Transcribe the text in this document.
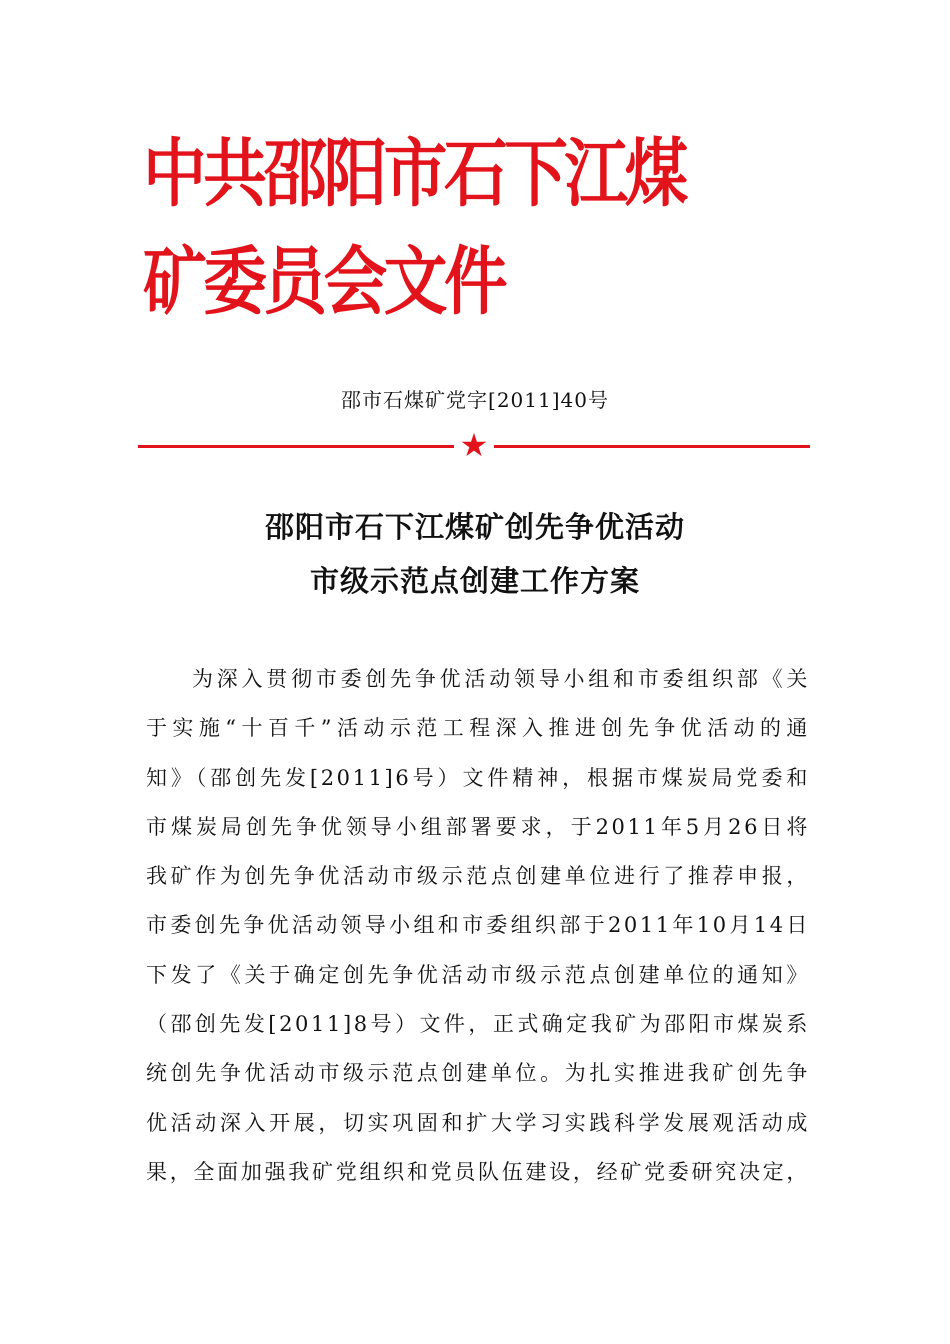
中共邵阳市石下江煤矿委员会文件
邵市石煤矿党字[2011]40号
★
邵阳市石下江煤矿创先争优活动
市级示范点创建工作方案
为深入贯彻市委创先争优活动领导小组和市委组织部《关
于实施“十百千”活动示范工程深入推进创先争优活动的通
知》（邵创先发[2011]6号）文件精神，根据市煤炭局党委和
市煤炭局创先争优领导小组部署要求，于2011年5月26日将
我矿作为创先争优活动市级示范点创建单位进行了推荐申报，
市委创先争优活动领导小组和市委组织部于2011年10月14日
下发了《关于确定创先争优活动市级示范点创建单位的通知》
（邵创先发[2011]8号）文件，正式确定我矿为邵阳市煤炭系
统创先争优活动市级示范点创建单位。为扎实推进我矿创先争
优活动深入开展，切实巩固和扩大学习实践科学发展观活动成
果，全面加强我矿党组织和党员队伍建设，经矿党委研究决定，
